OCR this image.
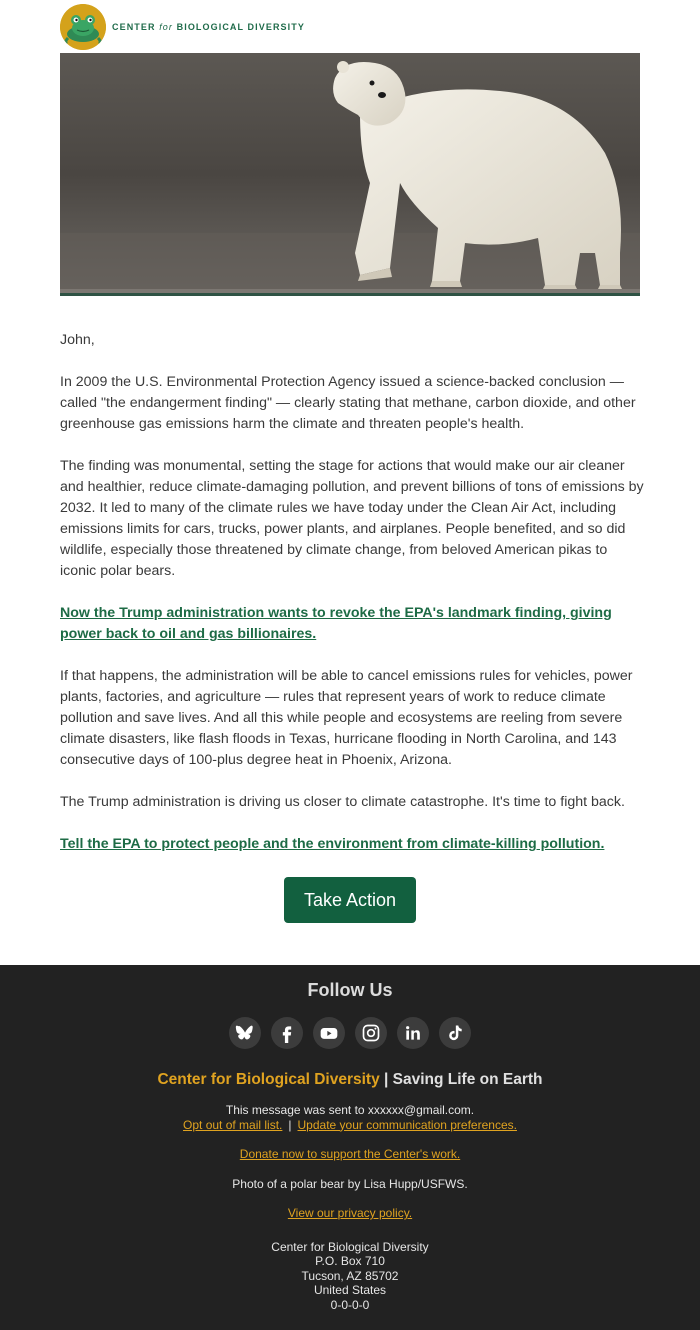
CENTER for BIOLOGICAL DIVERSITY

John,

In 2009 the U.S. Environmental Protection Agency issued a science-backed conclusion — called "the endangerment finding" — clearly stating that methane, carbon dioxide, and other greenhouse gas emissions harm the climate and threaten people's health.

The finding was monumental, setting the stage for actions that would make our air cleaner and healthier, reduce climate-damaging pollution, and prevent billions of tons of emissions by 2032. It led to many of the climate rules we have today under the Clean Air Act, including emissions limits for cars, trucks, power plants, and airplanes. People benefited, and so did wildlife, especially those threatened by climate change, from beloved American pikas to iconic polar bears.

Now the Trump administration wants to revoke the EPA's landmark finding, giving power back to oil and gas billionaires.

If that happens, the administration will be able to cancel emissions rules for vehicles, power plants, factories, and agriculture — rules that represent years of work to reduce climate pollution and save lives. And all this while people and ecosystems are reeling from severe climate disasters, like flash floods in Texas, hurricane flooding in North Carolina, and 143 consecutive days of 100-plus degree heat in Phoenix, Arizona.

The Trump administration is driving us closer to climate catastrophe. It's time to fight back.

Tell the EPA to protect people and the environment from climate-killing pollution.

Take Action
Follow Us
Center for Biological Diversity | Saving Life on Earth
This message was sent to xxxxxx@gmail.com.
Opt out of mail list. | Update your communication preferences.
Donate now to support the Center's work.
Photo of a polar bear by Lisa Hupp/USFWS.
View our privacy policy.
Center for Biological Diversity
P.O. Box 710
Tucson, AZ 85702
United States
0-0-0-0
